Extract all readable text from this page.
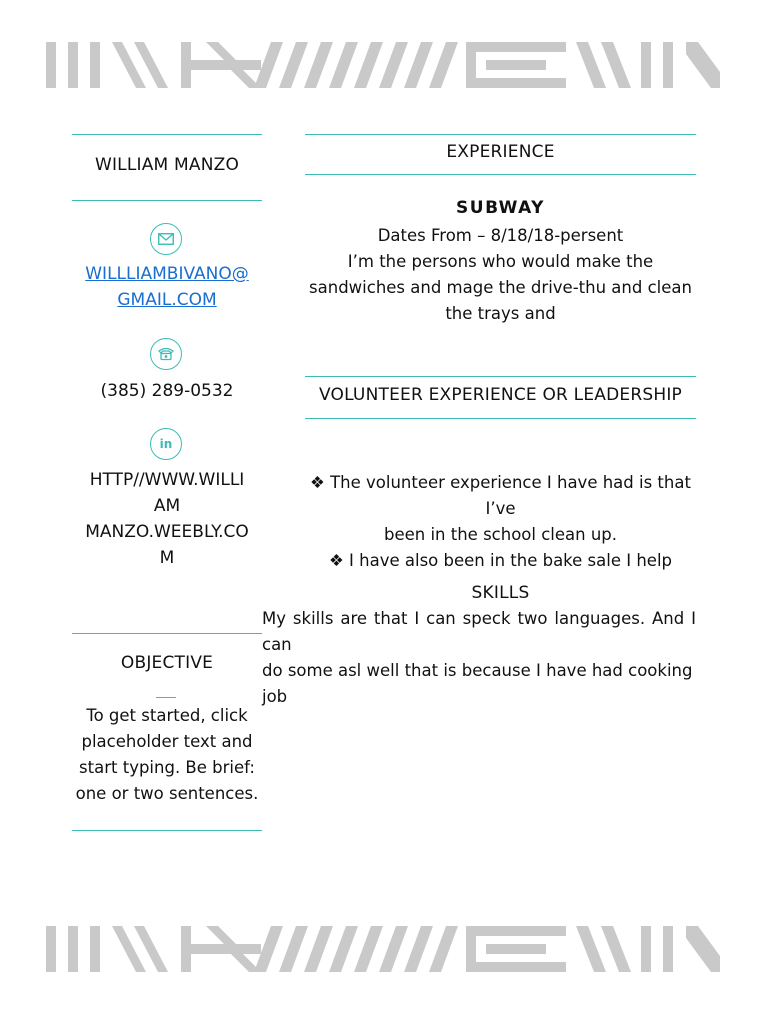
WILLIAM MANZO
WILLLIAMBIVANO@
GMAIL.COM
(385) 289-0532
in
HTTP//WWW.WILLI
AM
MANZO.WEEBLY.CO
M
OBJECTIVE
To get started, click
placeholder text and
start typing. Be brief:
one or two sentences.
EXPERIENCE
SUBWAY
Dates From – 8/18/18-persent
I’m the persons who would make the
sandwiches and mage the drive-thu and clean
the trays and
VOLUNTEER EXPERIENCE OR LEADERSHIP
❖ The volunteer experience I have had is that I’ve
been in the school clean up.
❖ I have also been in the bake sale I help
SKILLS
My skills are that I can speck two languages. And I can
do some asl well that is because I have had cooking
job
